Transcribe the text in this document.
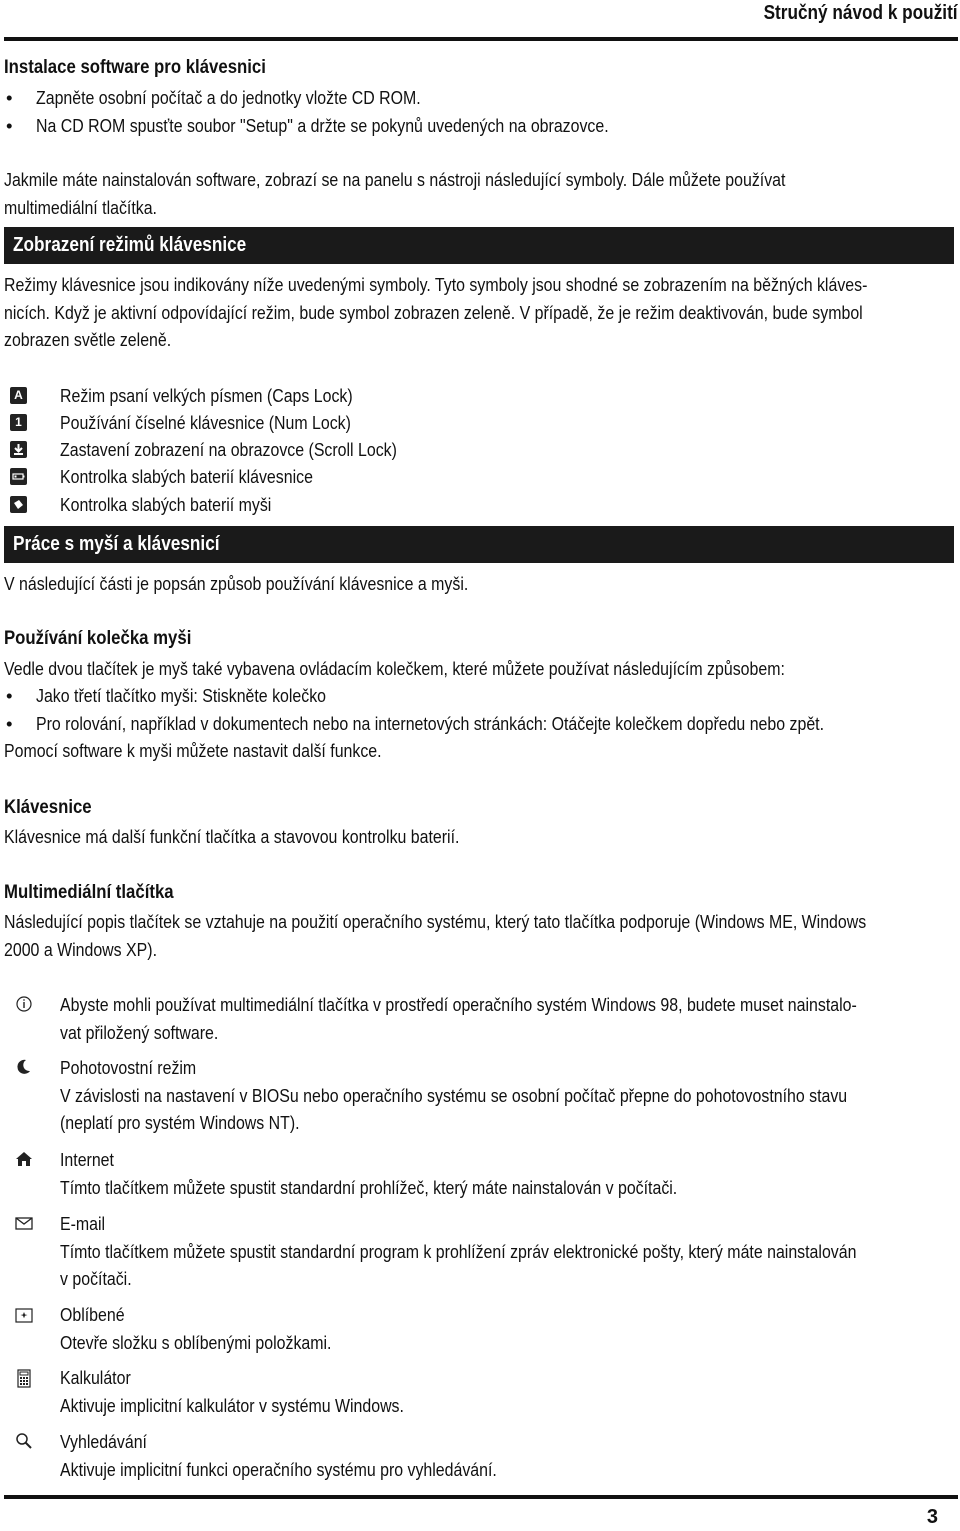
Stručný návod k použití
Instalace software pro klávesnici
• Zapněte osobní počítač a do jednotky vložte CD ROM.
• Na CD ROM spusťte soubor "Setup" a držte se pokynů uvedených na obrazovce.
Jakmile máte nainstalován software, zobrazí se na panelu s nástroji následující symboly. Dále můžete používat
multimediální tlačítka.
Zobrazení režimů klávesnice
Režimy klávesnice jsou indikovány níže uvedenými symboly. Tyto symboly jsou shodné se zobrazením na běžných kláves-
nicích. Když je aktivní odpovídající režim, bude symbol zobrazen zeleně. V případě, že je režim deaktivován, bude symbol
zobrazen světle zeleně.
A Režim psaní velkých písmen (Caps Lock)
1 Používání číselné klávesnice (Num Lock)
Zastavení zobrazení na obrazovce (Scroll Lock)
Kontrolka slabých baterií klávesnice
Kontrolka slabých baterií myši
Práce s myší a klávesnicí
V následující části je popsán způsob používání klávesnice a myši.
Používání kolečka myši
Vedle dvou tlačítek je myš také vybavena ovládacím kolečkem, které můžete používat následujícím způsobem:
• Jako třetí tlačítko myši: Stiskněte kolečko
• Pro rolování, například v dokumentech nebo na internetových stránkách: Otáčejte kolečkem dopředu nebo zpět.
Pomocí software k myši můžete nastavit další funkce.
Klávesnice
Klávesnice má další funkční tlačítka a stavovou kontrolku baterií.
Multimediální tlačítka
Následující popis tlačítek se vztahuje na použití operačního systému, který tato tlačítka podporuje (Windows ME, Windows
2000 a Windows XP).
Abyste mohli používat multimediální tlačítka v prostředí operačního systém Windows 98, budete muset nainstalo-
vat přiložený software.
Pohotovostní režim
V závislosti na nastavení v BIOSu nebo operačního systému se osobní počítač přepne do pohotovostního stavu
(neplatí pro systém Windows NT).
Internet
Tímto tlačítkem můžete spustit standardní prohlížeč, který máte nainstalován v počítači.
E-mail
Tímto tlačítkem můžete spustit standardní program k prohlížení zpráv elektronické pošty, který máte nainstalován
v počítači.
Oblíbené
Otevře složku s oblíbenými položkami.
Kalkulátor
Aktivuje implicitní kalkulátor v systému Windows.
Vyhledávání
Aktivuje implicitní funkci operačního systému pro vyhledávání.
3
